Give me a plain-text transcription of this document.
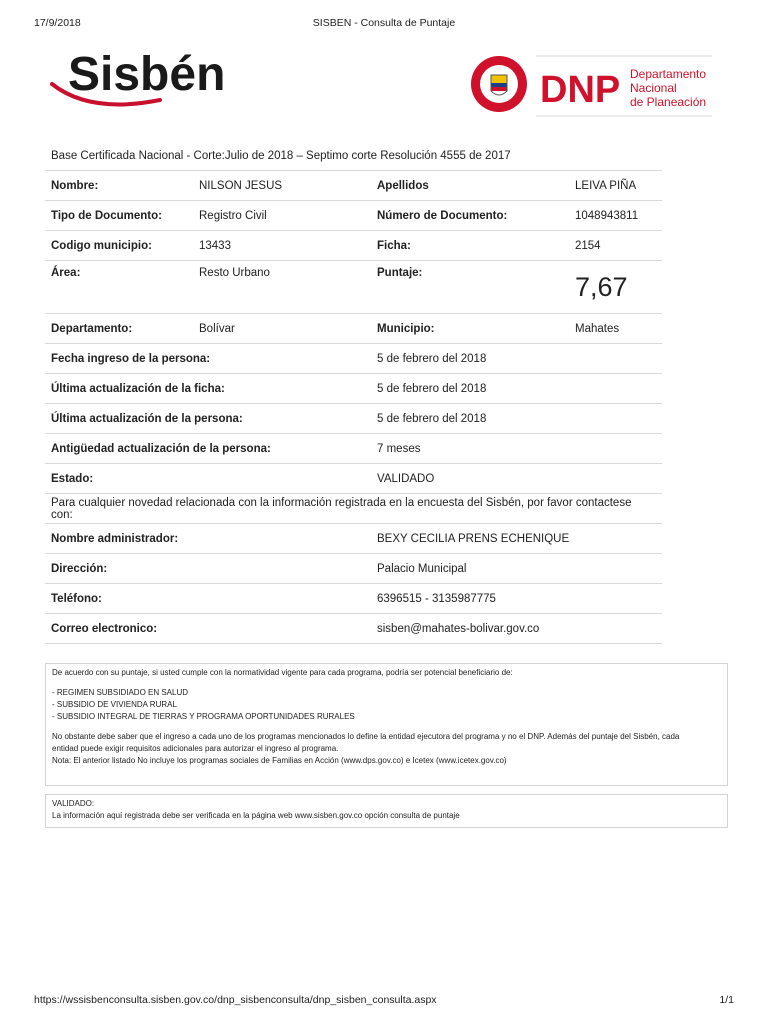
17/9/2018	SISBEN - Consulta de Puntaje
Sisbén	DNP Departamento
Nacional
de Planeación
Base Certificada Nacional - Corte:Julio de 2018 – Septimo corte Resolución 4555 de 2017			
Nombre:	NILSON JESUS	Apellidos	LEIVA PIÑA
Tipo de Documento:	Registro Civil	Número de Documento:	1048943811
Codigo municipio:	13433	Ficha:	2154
Área:	Resto Urbano	Puntaje:	7,67
Departamento:	Bolívar	Municipio:	Mahates
Fecha ingreso de la persona:		5 de febrero del 2018	
Última actualización de la ficha:		5 de febrero del 2018	
Última actualización de la persona:		5 de febrero del 2018	
Antigüedad actualización de la persona:		7 meses	
Estado:		VALIDADO	
Para cualquier novedad relacionada con la información registrada en la encuesta del Sisbén, por favor contactese con:			
Nombre administrador:		BEXY CECILIA PRENS ECHENIQUE	
Dirección:		Palacio Municipal	
Teléfono:		6396515 - 3135987775	
Correo electronico:		sisben@mahates-bolivar.gov.co	
De acuerdo con su puntaje, si usted cumple con la normatividad vigente para cada programa, podría ser potencial beneficiario de:
- REGIMEN SUBSIDIADO EN SALUD
- SUBSIDIO DE VIVIENDA RURAL
- SUBSIDIO INTEGRAL DE TIERRAS Y PROGRAMA OPORTUNIDADES RURALES
No obstante debe saber que el ingreso a cada uno de los programas mencionados lo define la entidad ejecutora del programa y no el DNP. Además del puntaje del Sisbén, cada
entidad puede exigir requisitos adicionales para autorizar el ingreso al programa.
Nota: El anterior listado No incluye los programas sociales de Familias en Acción (www.dps.gov.co) e Icetex (www.icetex.gov.co)
VALIDADO:
La información aquí registrada debe ser verificada en la página web www.sisben.gov.co opción consulta de puntaje
https://wssisbenconsulta.sisben.gov.co/dnp_sisbenconsulta/dnp_sisben_consulta.aspx	1/1
